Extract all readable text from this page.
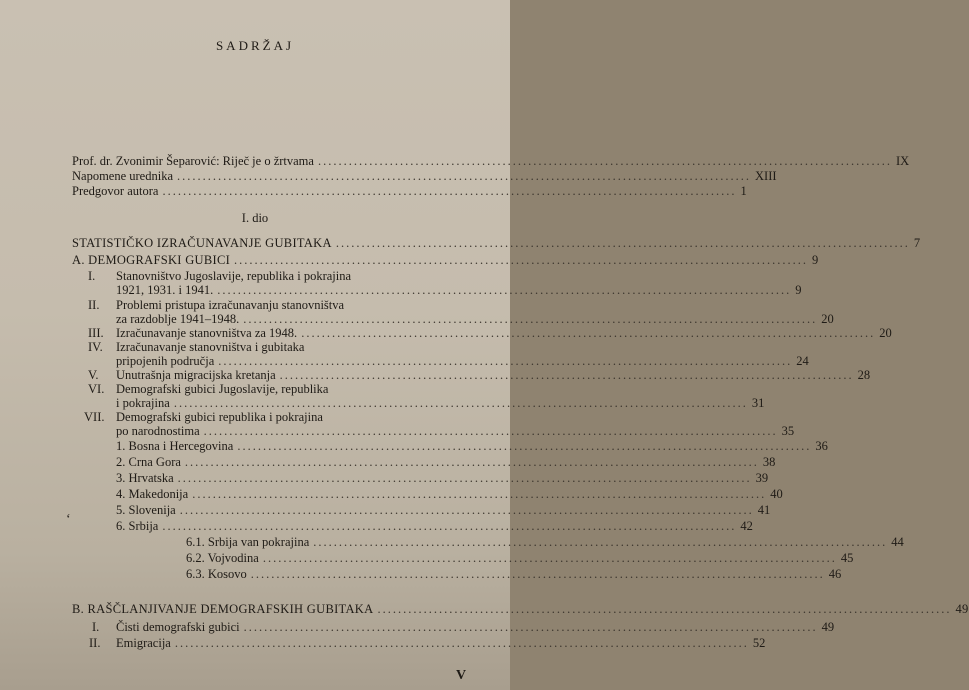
SADRŽAJ
Prof. dr. Zvonimir Šeparović: Riječ je o žrtvama ................................................................................................................ IX
Napomene urednika ................................................................................................................ XIII
Predgovor autora ................................................................................................................ 1
I. dio
STATISTIČKO IZRAČUNAVANJE GUBITAKA ................................................................................................................ 7
A. DEMOGRAFSKI GUBICI ................................................................................................................ 9
I. Stanovništvo Jugoslavije, republika i pokrajina
1921, 1931. i 1941. ................................................................................................................ 9
II. Problemi pristupa izračunavanju stanovništva
za razdoblje 1941–1948. ................................................................................................................ 20
III. Izračunavanje stanovništva za 1948. ................................................................................................................ 20
IV. Izračunavanje stanovništva i gubitaka
pripojenih područja ................................................................................................................ 24
V. Unutrašnja migracijska kretanja ................................................................................................................ 28
VI. Demografski gubici Jugoslavije, republika
i pokrajina ................................................................................................................ 31
VII. Demografski gubici republika i pokrajina
po narodnostima ................................................................................................................ 35
1. Bosna i Hercegovina ................................................................................................................ 36
2. Crna Gora ................................................................................................................ 38
3. Hrvatska ................................................................................................................ 39
4. Makedonija ................................................................................................................ 40
5. Slovenija ................................................................................................................ 41
6. Srbija ................................................................................................................ 42
ʻ
6.1. Srbija van pokrajina ................................................................................................................ 44
6.2. Vojvodina ................................................................................................................ 45
6.3. Kosovo ................................................................................................................ 46
B. RAŠČLANJIVANJE DEMOGRAFSKIH GUBITAKA ................................................................................................................ 49
I. Čisti demografski gubici ................................................................................................................ 49
II. Emigracija ................................................................................................................ 52
V
